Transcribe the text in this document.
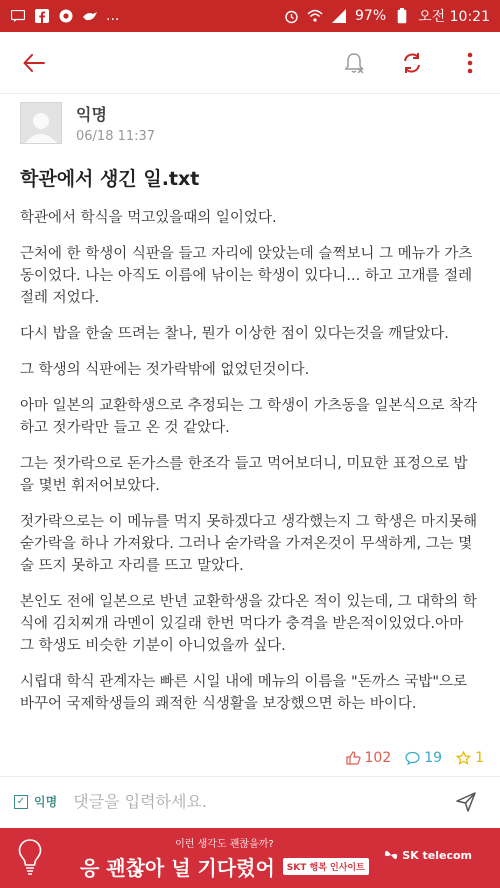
...	97% 오전 10:21
익명
06/18 11:37
학관에서 생긴 일.txt

학관에서 학식을 먹고있을때의 일이었다.

근처에 한 학생이 식판을 들고 자리에 앉았는데 슬쩍보니 그 메뉴가 가츠동이었다. 나는 아직도 이름에 낚이는 학생이 있다니... 하고 고개를 절레절레 저었다.

다시 밥을 한술 뜨려는 찰나, 뭔가 이상한 점이 있다는것을 깨달았다.

그 학생의 식판에는 젓가락밖에 없었던것이다.

아마 일본의 교환학생으로 추정되는 그 학생이 가츠동을 일본식으로 착각하고 젓가락만 들고 온 것 같았다.

그는 젓가락으로 돈가스를 한조각 들고 먹어보더니, 미묘한 표정으로 밥을 몇번 휘저어보았다.

젓가락으로는 이 메뉴를 먹지 못하겠다고 생각했는지 그 학생은 마지못해 숟가락을 하나 가져왔다. 그러나 숟가락을 가져온것이 무색하게, 그는 몇 술 뜨지 못하고 자리를 뜨고 말았다.

본인도 전에 일본으로 반년 교환학생을 갔다온 적이 있는데, 그 대학의 학식에 김치찌개 라멘이 있길래 한번 먹다가 충격을 받은적이있었다.아마 그 학생도 비슷한 기분이 아니었을까 싶다.

시립대 학식 관계자는 빠른 시일 내에 메뉴의 이름을 "돈까스 국밥"으로 바꾸어 국제학생들의 쾌적한 식생활을 보장했으면 하는 바이다.

102 19 1
✓ 익명
댓글을 입력하세요.
이런 생각도 괜찮을까?
응 괜찮아 널 기다렸어	SKT 행복 인사이트
SK telecom
